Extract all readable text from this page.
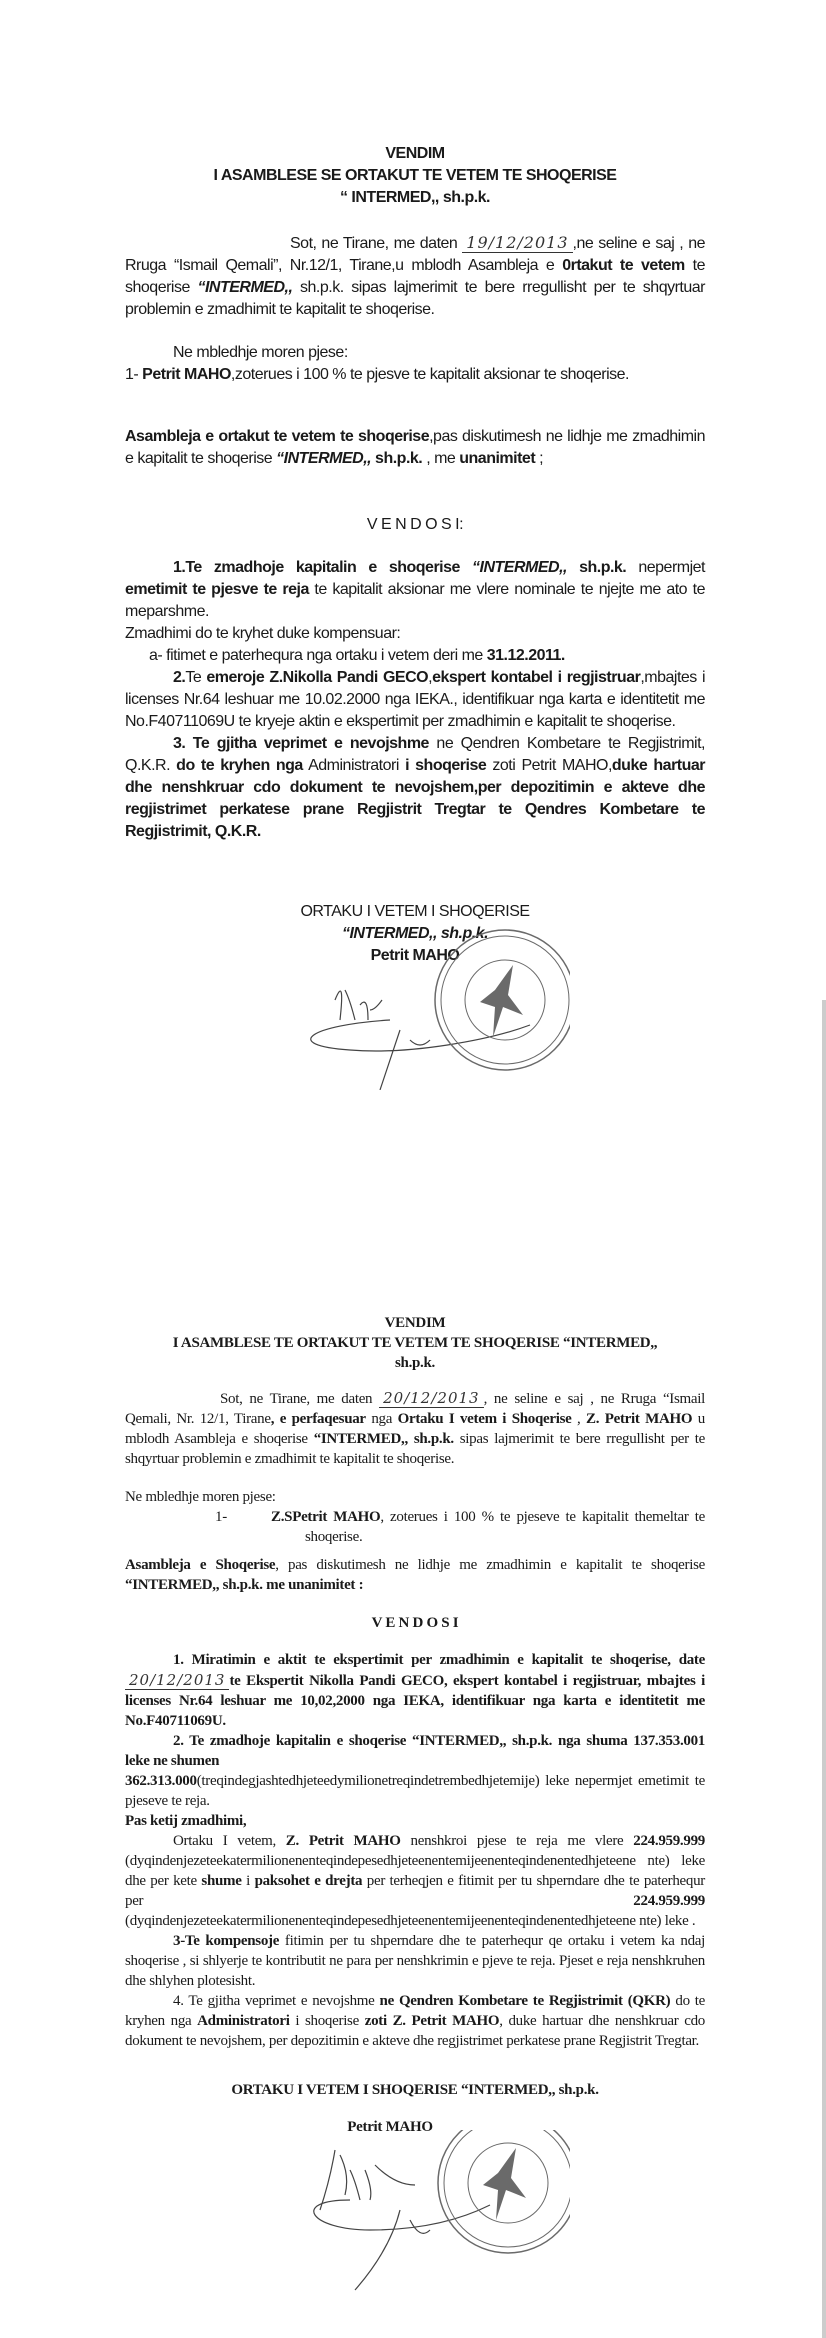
VENDIM
I ASAMBLESE SE ORTAKUT TE VETEM TE SHOQERISE
“ INTERMED,, sh.p.k.
Sot, ne Tirane, me daten 19/12/2013 ,ne seline e saj , ne Rruga “Ismail Qemali”, Nr.12/1, Tirane,u mblodh Asambleja e 0rtakut te vetem te shoqerise “INTERMED,, sh.p.k. sipas lajmerimit te bere rregullisht per te shqyrtuar problemin e zmadhimit te kapitalit te shoqerise.
Ne mbledhje moren pjese:
1- Petrit MAHO,zoterues i 100 % te pjesve te kapitalit aksionar te shoqerise.
Asambleja e ortakut te vetem te shoqerise,pas diskutimesh ne lidhje me zmadhimin e kapitalit te shoqerise “INTERMED,, sh.p.k. , me unanimitet ;
V E N D O S I:
1.Te zmadhoje kapitalin e shoqerise “INTERMED,, sh.p.k. nepermjet emetimit te pjesve te reja te kapitalit aksionar me vlere nominale te njejte me ato te meparshme.
Zmadhimi do te kryhet duke kompensuar:
a- fitimet e paterhequra nga ortaku i vetem deri me 31.12.2011.
2.Te emeroje Z.Nikolla Pandi GECO,ekspert kontabel i regjistruar,mbajtes i licenses Nr.64 leshuar me 10.02.2000 nga IEKA., identifikuar nga karta e identitetit me No.F40711069U te kryeje aktin e ekspertimit per zmadhimin e kapitalit te shoqerise.
3. Te gjitha veprimet e nevojshme ne Qendren Kombetare te Regjistrimit, Q.K.R. do te kryhen nga Administratori i shoqerise zoti Petrit MAHO,duke hartuar dhe nenshkruar cdo dokument te nevojshem,per depozitimin e akteve dhe regjistrimet perkatese prane Regjistrit Tregtar te Qendres Kombetare te Regjistrimit, Q.K.R.
ORTAKU I VETEM I SHOQERISE
“INTERMED,, sh.p.k.
Petrit MAHO
VENDIM
I ASAMBLESE TE ORTAKUT TE VETEM TE SHOQERISE “INTERMED,,
sh.p.k.
Sot, ne Tirane, me daten 20/12/2013 , ne seline e saj , ne Rruga “Ismail Qemali, Nr. 12/1, Tirane, e perfaqesuar nga Ortaku I vetem i Shoqerise , Z. Petrit MAHO u mblodh Asambleja e shoqerise “INTERMED,, sh.p.k. sipas lajmerimit te bere rregullisht per te shqyrtuar problemin e zmadhimit te kapitalit te shoqerise.
Ne mbledhje moren pjese:
1-   Z.SPetrit MAHO, zoterues i 100 % te pjeseve te kapitalit themeltar te shoqerise.
Asambleja e Shoqerise, pas diskutimesh ne lidhje me zmadhimin e kapitalit te shoqerise “INTERMED,, sh.p.k. me unanimitet :
V E N D O S I
1. Miratimin e aktit te ekspertimit per zmadhimin e kapitalit te shoqerise, date 20/12/2013 te Ekspertit Nikolla Pandi GECO, ekspert kontabel i regjistruar, mbajtes i licenses Nr.64 leshuar me 10,02,2000 nga IEKA, identifikuar nga karta e identitetit me No.F40711069U.
2. Te zmadhoje kapitalin e shoqerise “INTERMED,, sh.p.k. nga shuma 137.353.001 leke ne shumen
362.313.000(treqindegjashtedhjeteedymilionetreqindetrembedhjetemije) leke nepermjet emetimit te pjeseve te reja.
Pas ketij zmadhimi,
Ortaku I vetem, Z. Petrit MAHO nenshkroi pjese te reja me vlere 224.959.999 (dyqindenjezeteekatermilionenenteqindepesedhjeteenentemijeenenteqindenentedhjeteene nte) leke dhe per kete shume i paksohet e drejta per terheqjen e fitimit per tu shperndare dhe te paterhequr per 224.959.999 (dyqindenjezeteekatermilionenenteqindepesedhjeteenentemijeenenteqindenentedhjeteene nte) leke .
3-Te kompensoje fitimin per tu shperndare dhe te paterhequr qe ortaku i vetem ka ndaj shoqerise , si shlyerje te kontributit ne para per nenshkrimin e pjeve te reja. Pjeset e reja nenshkruhen dhe shlyhen plotesisht.
4. Te gjitha veprimet e nevojshme ne Qendren Kombetare te Regjistrimit (QKR) do te kryhen nga Administratori i shoqerise zoti Z. Petrit MAHO, duke hartuar dhe nenshkruar cdo dokument te nevojshem, per depozitimin e akteve dhe regjistrimet perkatese prane Regjistrit Tregtar.
ORTAKU I VETEM I SHOQERISE “INTERMED,, sh.p.k.
Petrit MAHO
